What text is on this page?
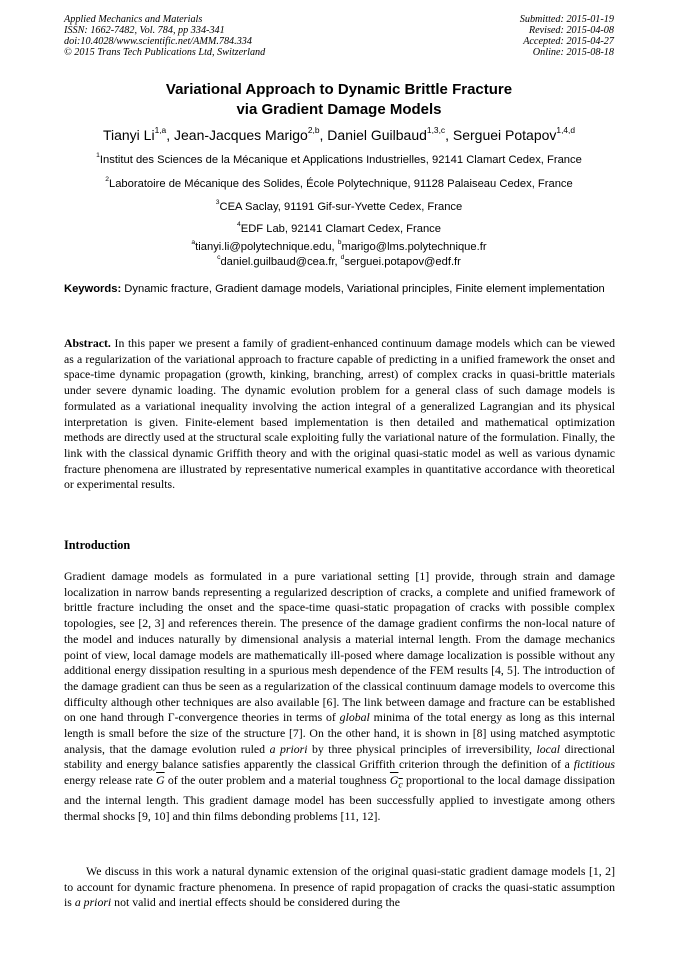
Applied Mechanics and Materials
ISSN: 1662-7482, Vol. 784, pp 334-341
doi:10.4028/www.scientific.net/AMM.784.334
© 2015 Trans Tech Publications Ltd, Switzerland
Submitted: 2015-01-19
Revised: 2015-04-08
Accepted: 2015-04-27
Online: 2015-08-18
Variational Approach to Dynamic Brittle Fracture
via Gradient Damage Models
Tianyi Li$^{1,a}$, Jean-Jacques Marigo$^{2,b}$, Daniel Guilbaud$^{1,3,c}$, Serguei Potapov$^{1,4,d}$
$^1$Institut des Sciences de la Mécanique et Applications Industrielles, 92141 Clamart Cedex, France
$^2$Laboratoire de Mécanique des Solides, École Polytechnique, 91128 Palaiseau Cedex, France
$^3$CEA Saclay, 91191 Gif-sur-Yvette Cedex, France
$^4$EDF Lab, 92141 Clamart Cedex, France
$^a$tianyi.li@polytechnique.edu, $^b$marigo@lms.polytechnique.fr
$^c$daniel.guilbaud@cea.fr, $^d$serguei.potapov@edf.fr
Keywords: Dynamic fracture, Gradient damage models, Variational principles, Finite element implementation
Abstract. In this paper we present a family of gradient-enhanced continuum damage models which can be viewed as a regularization of the variational approach to fracture capable of predicting in a unified framework the onset and space-time dynamic propagation (growth, kinking, branching, arrest) of complex cracks in quasi-brittle materials under severe dynamic loading. The dynamic evolution problem for a general class of such damage models is formulated as a variational inequality involving the action integral of a generalized Lagrangian and its physical interpretation is given. Finite-element based implementation is then detailed and mathematical optimization methods are directly used at the structural scale exploiting fully the variational nature of the formulation. Finally, the link with the classical dynamic Griffith theory and with the original quasi-static model as well as various dynamic fracture phenomena are illustrated by representative numerical examples in quantitative accordance with theoretical or experimental results.
Introduction
Gradient damage models as formulated in a pure variational setting [1] provide, through strain and damage localization in narrow bands representing a regularized description of cracks, a complete and unified framework of brittle fracture including the onset and the space-time quasi-static propagation of cracks with possible complex topologies, see [2, 3] and references therein. The presence of the damage gradient confirms the non-local nature of the model and induces naturally by dimensional analysis a material internal length. From the damage mechanics point of view, local damage models are mathematically ill-posed where damage localization is possible without any additional energy dissipation resulting in a spurious mesh dependence of the FEM results [4, 5]. The introduction of the damage gradient can thus be seen as a regularization of the classical continuum damage models to overcome this difficulty although other techniques are also available [6]. The link between damage and fracture can be established on one hand through Γ-convergence theories in terms of global minima of the total energy as long as this internal length is small before the size of the structure [7]. On the other hand, it is shown in [8] using matched asymptotic analysis, that the damage evolution ruled a priori by three physical principles of irreversibility, local directional stability and energy balance satisfies apparently the classical Griffith criterion through the definition of a fictitious energy release rate $\overline{G}$ of the outer problem and a material toughness $G_c$ proportional to the local damage dissipation and the internal length. This gradient damage model has been successfully applied to investigate among others thermal shocks [9, 10] and thin films debonding problems [11, 12].
We discuss in this work a natural dynamic extension of the original quasi-static gradient damage models [1, 2] to account for dynamic fracture phenomena. In presence of rapid propagation of cracks the quasi-static assumption is a priori not valid and inertial effects should be considered during the
